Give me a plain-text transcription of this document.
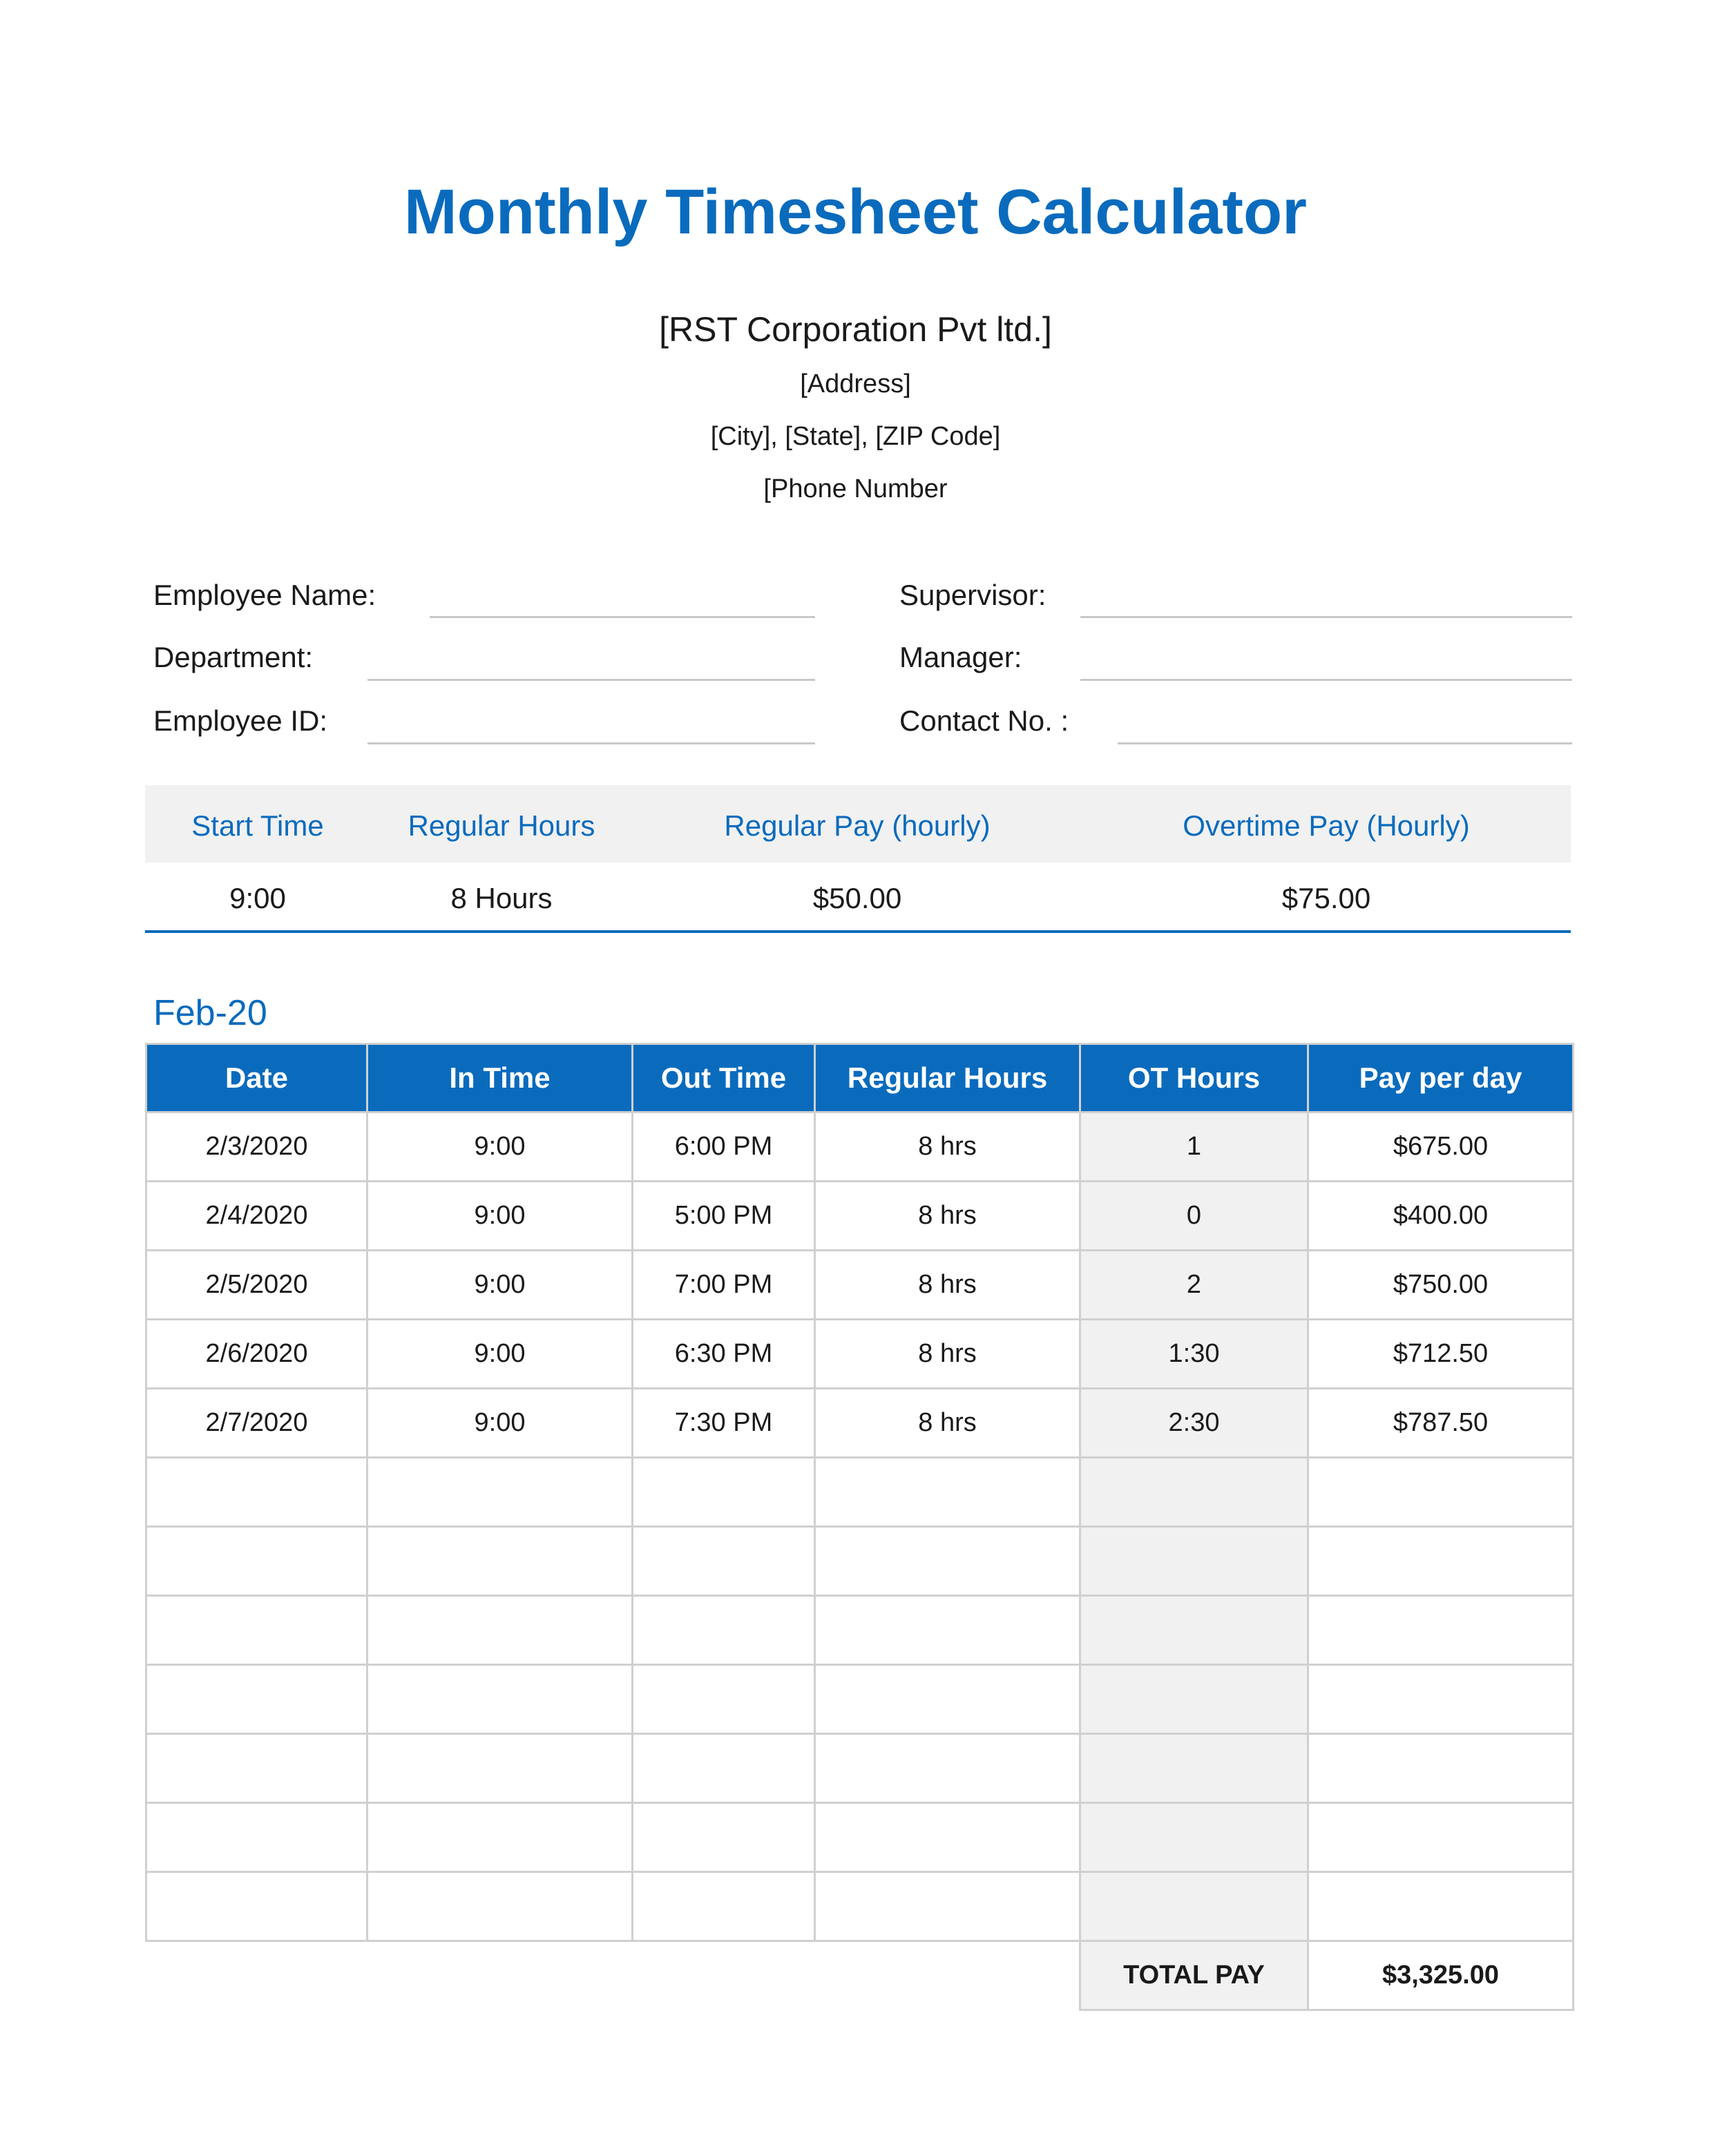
Monthly Timesheet Calculator
[RST Corporation Pvt ltd.]
[Address]
[City], [State], [ZIP Code]
[Phone Number
Employee Name:
Department:
Employee ID:
Supervisor:
Manager:
Contact No. :
Start Time	Regular Hours	Regular Pay (hourly)	Overtime Pay (Hourly)
9:00	8 Hours	$50.00	$75.00
Feb-20
Date	In Time	Out Time	Regular Hours	OT Hours	Pay per day
2/3/2020	9:00	6:00 PM	8 hrs	1	$675.00
2/4/2020	9:00	5:00 PM	8 hrs	0	$400.00
2/5/2020	9:00	7:00 PM	8 hrs	2	$750.00
2/6/2020	9:00	6:30 PM	8 hrs	1:30	$712.50
2/7/2020	9:00	7:30 PM	8 hrs	2:30	$787.50

				TOTAL PAY	$3,325.00
